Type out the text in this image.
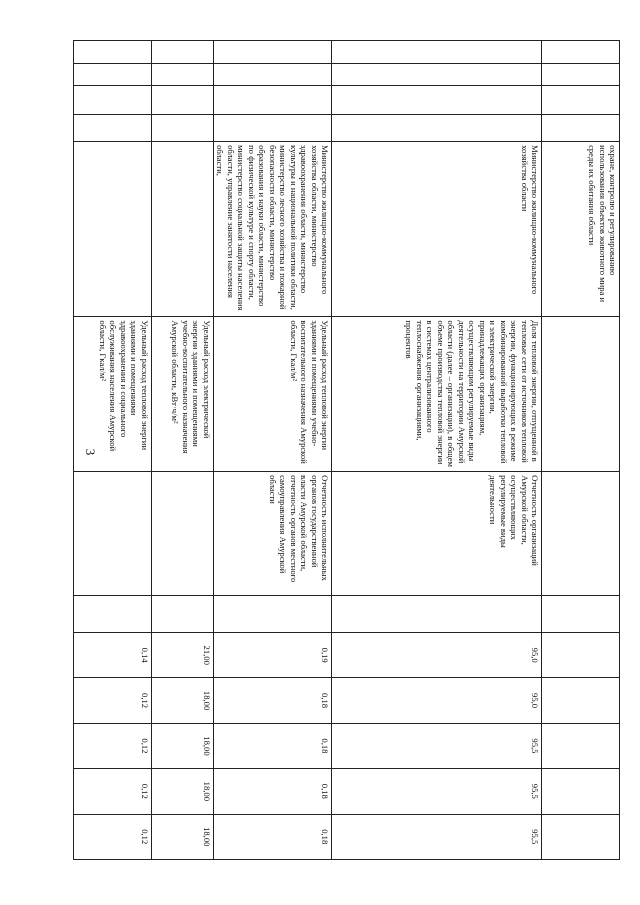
3
				охране, контролю и регулированию использования объектов животного мира и среды их обитания области								
				Министерство жилищно-коммунального хозяйства области	Доля тепловой энергии, отпущенной в тепловые сети от источников тепловой энергии, функционирующих в режиме комбинированной выработки тепловой и электрической энергии, принадлежащих организациям, осуществляющим регулируемые виды деятельности на территории Амурской области (далее – организации), в общем объеме производства тепловой энергии в системах централизованного теплоснабжения организациями, процентов	Отчетность организаций Амурской области, осуществляющих регулируемые виды деятельности		95,0	95,0	95,5	95,5	95,5
				Министерство жилищно-коммунального хозяйства области, министерство здравоохранения области, министерство культуры и национальной политики области, министерство лесного хозяйства и пожарной безопасности области, министерство образования и науки области, министерство по физической культуре и спорту области, министерство социальной защиты населения области, управление занятости населения области,	Удельный расход тепловой энергии зданиями и помещениями учебно-воспитательного назначения Амурской области, Гкал/м²	Отчетность исполнительных органов государственной власти Амурской области, отчетность органов местного самоуправления Амурской области		0,19	0,18	0,18	0,18	0,18
					Удельный расход электрической энергии зданиями и помещениями учебно-воспитательного назначения Амурской области, кВт·ч/м²			21,00	18,00	18,00	18,00	18,00
					Удельный расход тепловой энергии зданиями и помещениями здравоохранения и социального обслуживания населения Амурской области, Гкал/м²			0,14	0,12	0,12	0,12	0,12
